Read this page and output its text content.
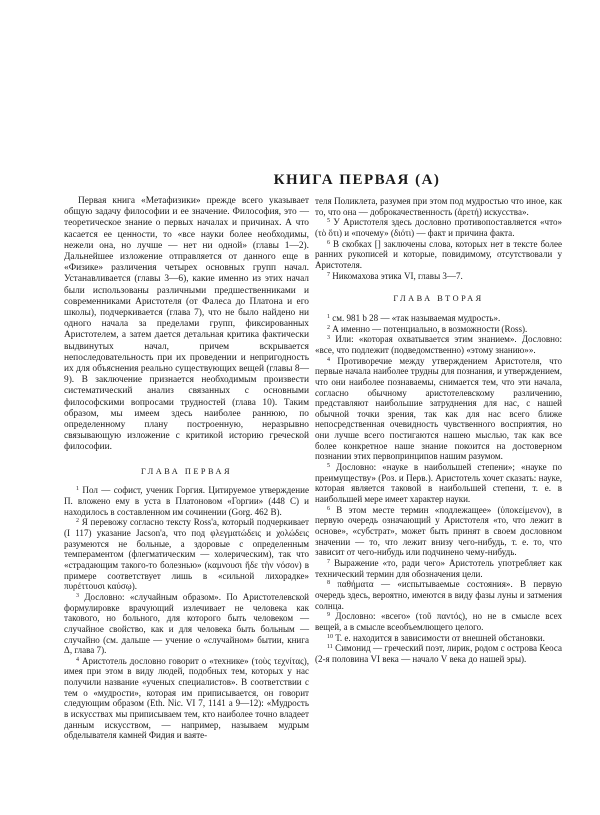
КНИГА ПЕРВАЯ (А)

Первая книга «Метафизики» прежде всего указывает общую задачу философии и ее значение. Философия, это — теоретическое знание о первых началах и причинах. А что касается ее ценности, то «все науки более необходимы, нежели она, но лучше — нет ни одной» (главы 1—2). Дальнейшее изложение отправляется от данного еще в «Физике» различения четырех основных групп начал. Устанавливается (главы 3—6), какие именно из этих начал были использованы различными предшественниками и современниками Аристотеля (от Фалеса до Платона и его школы), подчеркивается (глава 7), что не было найдено ни одного начала за пределами групп, фиксированных Аристотелем, а затем дается детальная критика фактически выдвинутых начал, причем вскрывается непоследовательность при их проведении и непригодность их для объяснения реально существующих вещей (главы 8—9). В заключение признается необходимым произвести систематический анализ связанных с основными философскими вопросами трудностей (глава 10). Таким образом, мы имеем здесь наиболее раннюю, по определенному плану построенную, неразрывно связывающую изложение с критикой историю греческой философии.

ГЛАВА ПЕРВАЯ

$^1$ Пол — софист, ученик Горгия. Цитируемое утверждение П. вложено ему в уста в Платоновом «Горгии» (448 С) и находилось в составленном им сочинении (Gorg. 462 В).

$^2$ Я перевожу согласно тексту Ross'а, который подчеркивает (I 117) указание Jacson'а, что под φλεγματώδεις и χολώδεις разумеются не больные, а здоровые с определенным темпераментом (флегматическим — холерическим), так что «страдающим такого-то болезнью» (καμνουσι ἤδε τὴν νόσον) в примере соответствует лишь в «сильной лихорадке» πυρέττουσι καύσῳ).

$^3$ Дословно: «случайным образом». По Аристотелевской формулировке врачующий излечивает не человека как такового, но больного, для которого быть человеком — случайное свойство, как и для человека быть больным — случайно (см. дальше — учение о «случайном» бытии, книга Δ, глава 7).

$^4$ Аристотель дословно говорит о «технике» (τοὺς τεχνίτας), имея при этом в виду людей, подобных тем, которых у нас получили название «ученых специалистов». В соответствии с тем о «мудрости», которая им приписывается, он говорит следующим образом (Eth. Nic. VI 7, 1141 a 9—12): «Мудрость в искусствах мы приписываем тем, кто наиболее точно владеет данным искусством, — например, называем мудрым обделывателя камней Фидия и ваяте-

теля Поликлета, разумея при этом под мудростью что иное, как то, что она — доброкачественность (ἀρετή) искусства».

$^5$ У Аристотеля здесь дословно противопоставляется «что» (τὸ ὅτι) и «почему» (διότι) — факт и причина факта.

$^6$ В скобках [] заключены слова, которых нет в тексте более ранних рукописей и которые, повидимому, отсутствовали у Аристотеля.

$^7$ Никомахова этика VI, главы 3—7.

ГЛАВА ВТОРАЯ

$^1$ см. 981 b 28 — «так называемая мудрость».

$^2$ А именно — потенциально, в возможности (Ross).

$^3$ Или: «которая охватывается этим знанием». Дословно: «все, что подлежит (подведомственно) «этому знанию»».

$^4$ Противоречие между утверждением Аристотеля, что первые начала наиболее трудны для познания, и утверждением, что они наиболее познаваемы, снимается тем, что эти начала, согласно обычному аристотелевскому различению, представляют наибольшие затруднения для нас, с нашей обычной точки зрения, так как для нас всего ближе непосредственная очевидность чувственного восприятия, но они лучше всего постигаются нашею мыслью, так как все более конкретное наше знание покоится на достоверном познании этих первопринципов нашим разумом.

$^5$ Дословно: «науке в наибольшей степени»; «науке по преимуществу» (Роз. и Перв.). Аристотель хочет сказать: науке, которая является таковой в наибольшей степени, т. е. в наибольшей мере имеет характер науки.

$^6$ В этом месте термин «подлежащее» (ὑποκείμενον), в первую очередь означающий у Аристотеля «то, что лежит в основе», «субстрат», может быть принят в своем дословном значении — то, что лежит внизу чего-нибудь, т. е. то, что зависит от чего-нибудь или подчинено чему-нибудь.

$^7$ Выражение «то, ради чего» Аристотель употребляет как технический термин для обозначения цели.

$^8$ παθήματα — «испытываемые состояния». В первую очередь здесь, вероятно, имеются в виду фазы луны и затмения солнца.

$^9$ Дословно: «всего» (τοῦ παντός), но не в смысле всех вещей, а в смысле всеобъемлющего целого.

$^{10}$ Т. е. находится в зависимости от внешней обстановки.

$^{11}$ Симонид — греческий поэт, лирик, родом с острова Кеоса (2-я половина VI века — начало V века до нашей эры).
